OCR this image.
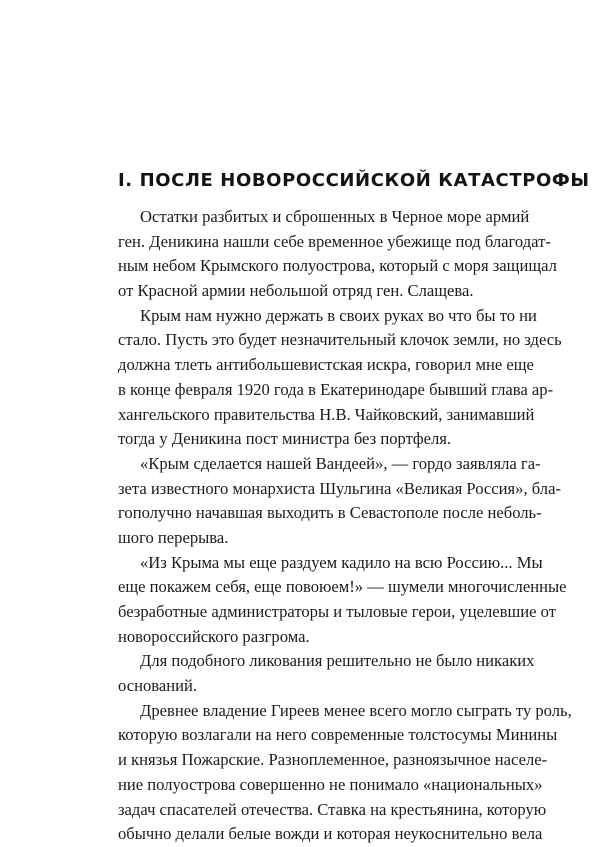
I. ПОСЛЕ НОВОРОССИЙСКОЙ КАТАСТРОФЫ
Остатки разбитых и сброшенных в Черное море армий
ген. Деникина нашли себе временное убежище под благодат-
ным небом Крымского полуострова, который с моря защищал
от Красной армии небольшой отряд ген. Слащева.
Крым нам нужно держать в своих руках во что бы то ни
стало. Пусть это будет незначительный клочок земли, но здесь
должна тлеть антибольшевистская искра, говорил мне еще
в конце февраля 1920 года в Екатеринодаре бывший глава ар-
хангельского правительства Н.В. Чайковский, занимавший
тогда у Деникина пост министра без портфеля.
«Крым сделается нашей Вандеей», — гордо заявляла га-
зета известного монархиста Шульгина «Великая Россия», бла-
гополучно начавшая выходить в Севастополе после неболь-
шого перерыва.
«Из Крыма мы еще раздуем кадило на всю Россию... Мы
еще покажем себя, еще повоюем!» — шумели многочисленные
безработные администраторы и тыловые герои, уцелевшие от
новороссийского разгрома.
Для подобного ликования решительно не было никаких
оснований.
Древнее владение Гиреев менее всего могло сыграть ту роль,
которую возлагали на него современные толстосумы Минины
и князья Пожарские. Разноплеменное, разноязычное населе-
ние полуострова совершенно не понимало «национальных»
задач спасателей отечества. Ставка на крестьянина, которую
обычно делали белые вожди и которая неукоснительно вела
